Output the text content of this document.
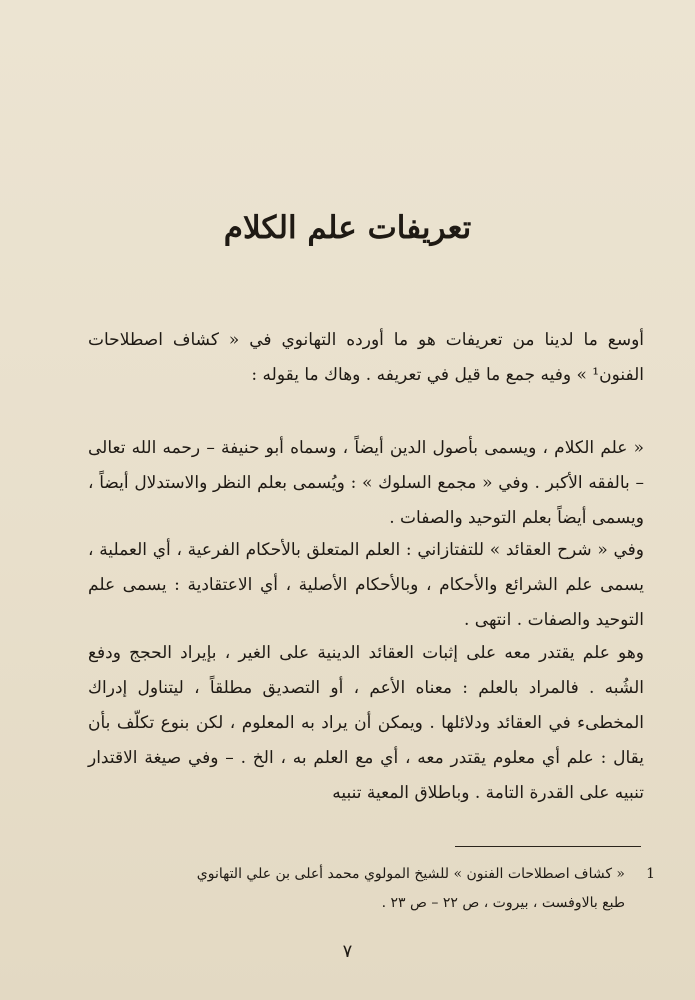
تعريفات علم الكلام

أوسع ما لدينا من تعريفات هو ما أورده التهانوي في « كشاف اصطلاحات الفنون¹ » وفيه جمع ما قيل في تعريفه . وهاك ما يقوله :

« علم الكلام ، ويسمى بأصول الدين أيضاً ، وسماه أبو حنيفة – رحمه الله تعالى – بالفقه الأكبر . وفي « مجمع السلوك » : ويُسمى بعلم النظر والاستدلال أيضاً ، ويسمى أيضاً بعلم التوحيد والصفات .

وفي « شرح العقائد » للتفتازاني : العلم المتعلق بالأحكام الفرعية ، أي العملية ، يسمى علم الشرائع والأحكام ، وبالأحكام الأصلية ، أي الاعتقادية : يسمى علم التوحيد والصفات . انتهى .

وهو علم يقتدر معه على إثبات العقائد الدينية على الغير ، بإيراد الحجج ودفع الشُبه . فالمراد بالعلم : معناه الأعم ، أو التصديق مطلقاً ، ليتناول إدراك المخطىء في العقائد ودلائلها . ويمكن أن يراد به المعلوم ، لكن بنوع تكلّف بأن يقال : علم أي معلوم يقتدر معه ، أي مع العلم به ، الخ . – وفي صيغة الاقتدار تنبيه على القدرة التامة . وباطلاق المعية تنبيه

1
« كشاف اصطلاحات الفنون » للشيخ المولوي محمد أعلى بن علي التهانوي
طبع بالاوفست ، بيروت ، ص ٢٢ – ص ٢٣ .
٧
